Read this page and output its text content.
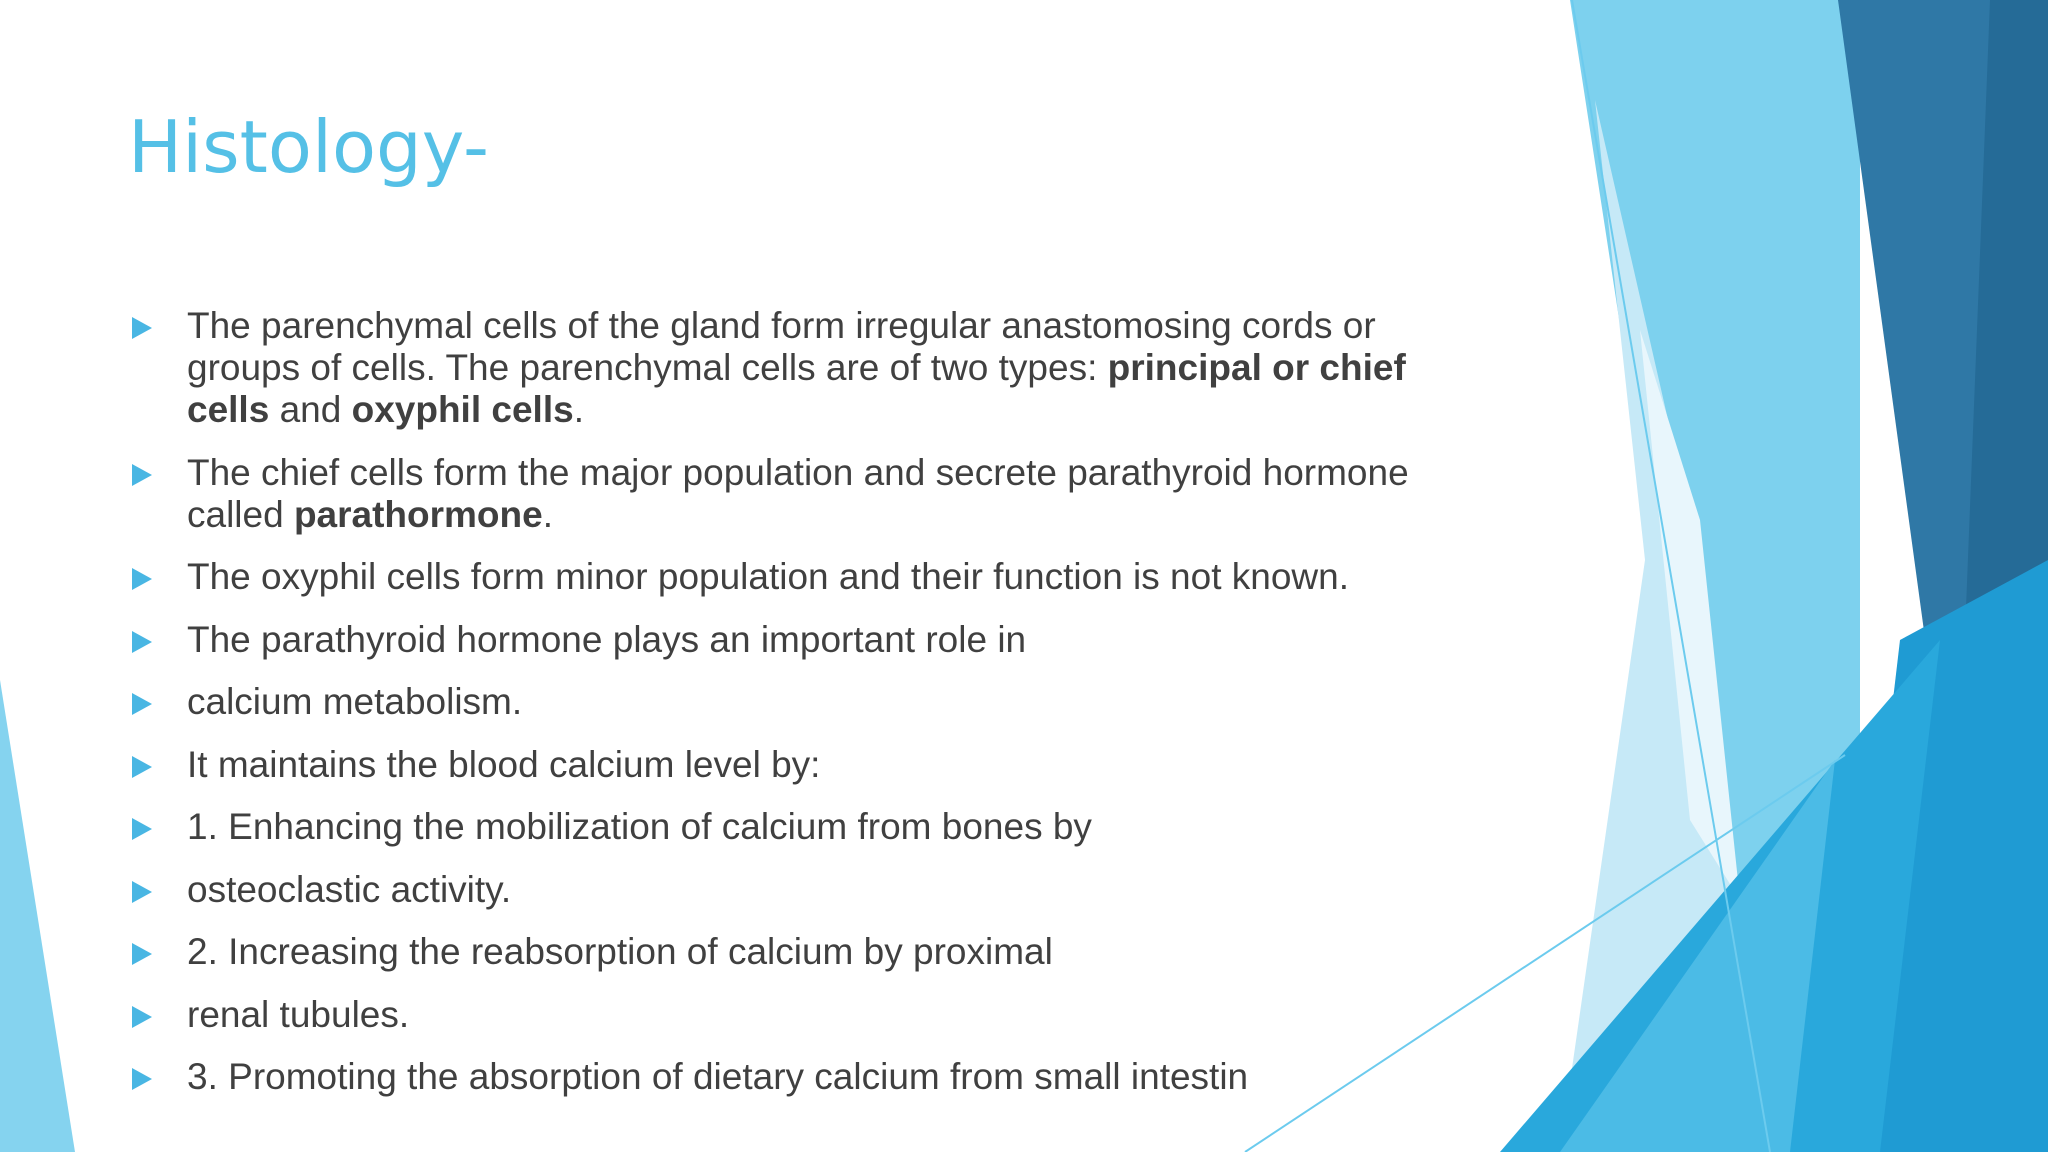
Histology-
The parenchymal cells of the gland form irregular anastomosing cords or groups of cells. The parenchymal cells are of two types: principal or chief cells and oxyphil cells.
The chief cells form the major population and secrete parathyroid hormone called parathormone.
The oxyphil cells form minor population and their function is not known.
The parathyroid hormone plays an important role in
calcium metabolism.
It maintains the blood calcium level by:
1. Enhancing the mobilization of calcium from bones by
osteoclastic activity.
2. Increasing the reabsorption of calcium by proximal
renal tubules.
3. Promoting the absorption of dietary calcium from small intestin
